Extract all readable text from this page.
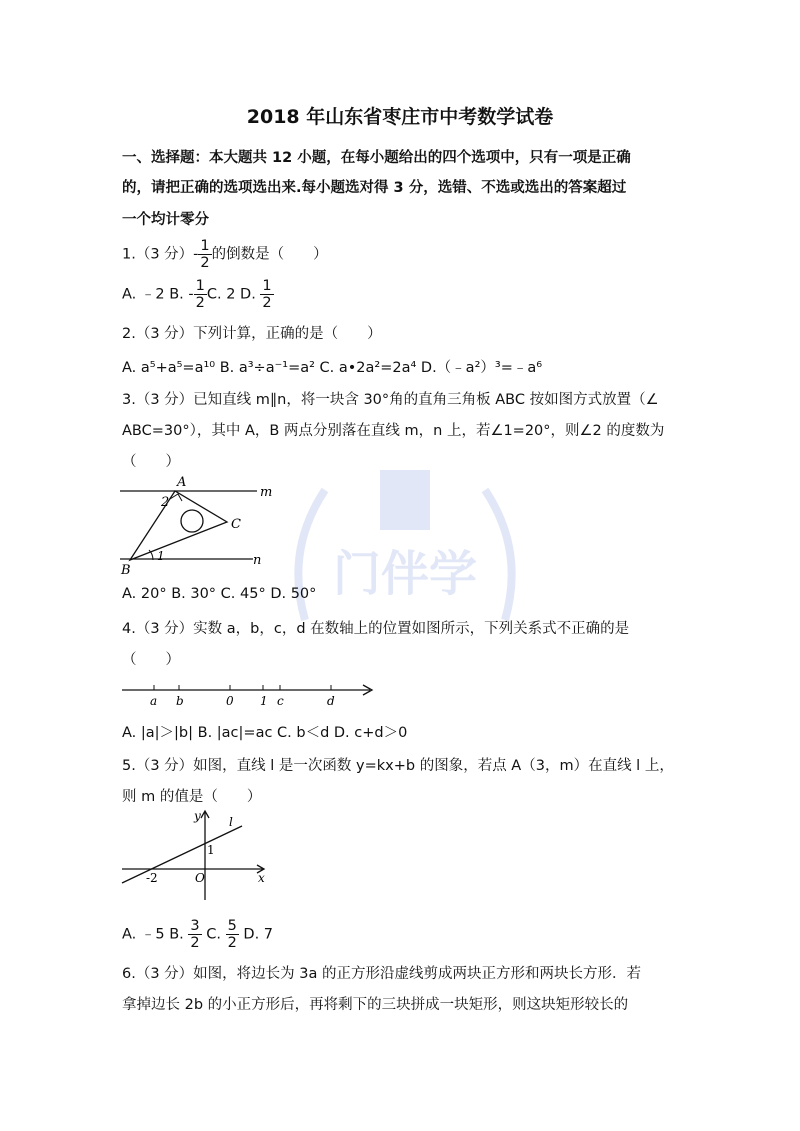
门伴学
2018 年山东省枣庄市中考数学试卷
一、选择题：本大题共 12 小题，在每小题给出的四个选项中，只有一项是正确
的，请把正确的选项选出来.每小题选对得 3 分，选错、不选或选出的答案超过
一个均计零分
1.（3 分）- $\frac{1}{2}$ 的倒数是（　　）
A. ﹣2 B. - $\frac{1}{2} C$. 2 D. $\frac{1}{2}$
2.（3 分）下列计算，正确的是（　　）
A. a⁵+a⁵=a¹⁰ B. a³÷a⁻¹=a² C. a•2a²=2a⁴ D.（﹣a²）³=﹣a⁶
3.（3 分）已知直线 m∥n，将一块含 30°角的直角三角板 ABC 按如图方式放置（∠
ABC=30°），其中 A，B 两点分别落在直线 m，n 上，若∠1=20°，则∠2 的度数为
（　　）
A
m
2
C
1	n
B
A. 20° B. 30° C. 45° D. 50°
4.（3 分）实数 a，b，c，d 在数轴上的位置如图所示，下列关系式不正确的是
（　　）
a b	0 1 c	d
A. |a|＞|b| B. |ac|=ac C. b＜d D. c+d＞0
5.（3 分）如图，直线 l 是一次函数 y=kx+b 的图象，若点 A（3，m）在直线 l 上，
则 m 的值是（　　）
y l
1
-2	O	x
A. ﹣5 B. $\frac{3}{2} C$. $\frac{5}{2} D$. 7
6.（3 分）如图，将边长为 3a 的正方形沿虚线剪成两块正方形和两块长方形．若
拿掉边长 2b 的小正方形后，再将剩下的三块拼成一块矩形，则这块矩形较长的
